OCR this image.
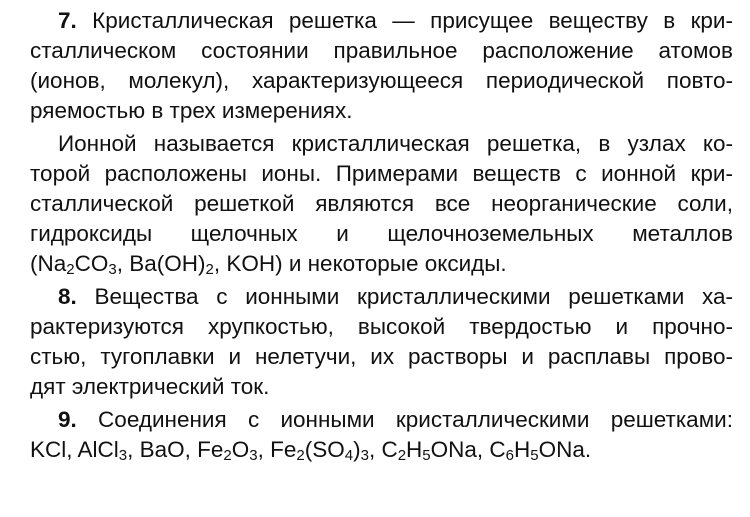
7. Кристаллическая решетка — присущее веществу в кри-
сталлическом состоянии правильное расположение атомов
(ионов, молекул), характеризующееся периодической повто-
ряемостью в трех измерениях.
Ионной называется кристаллическая решетка, в узлах ко-
торой расположены ионы. Примерами веществ с ионной кри-
сталлической решеткой являются все неорганические соли,
гидроксиды щелочных и щелочноземельных металлов
($Na_2CO_3$, $Ba(OH)_2$, KOH) и некоторые оксиды.
8. Вещества с ионными кристаллическими решетками ха-
рактеризуются хрупкостью, высокой твердостью и прочно-
стью, тугоплавки и нелетучи, их растворы и расплавы прово-
дят электрический ток.
9. Соединения с ионными кристаллическими решетками:
KCl, AlCl$_3$, BaO, $Fe_2O_3$, $Fe_2(SO_4)_3$, $C_2H_5ONa$, $C_6H_5ONa$.
